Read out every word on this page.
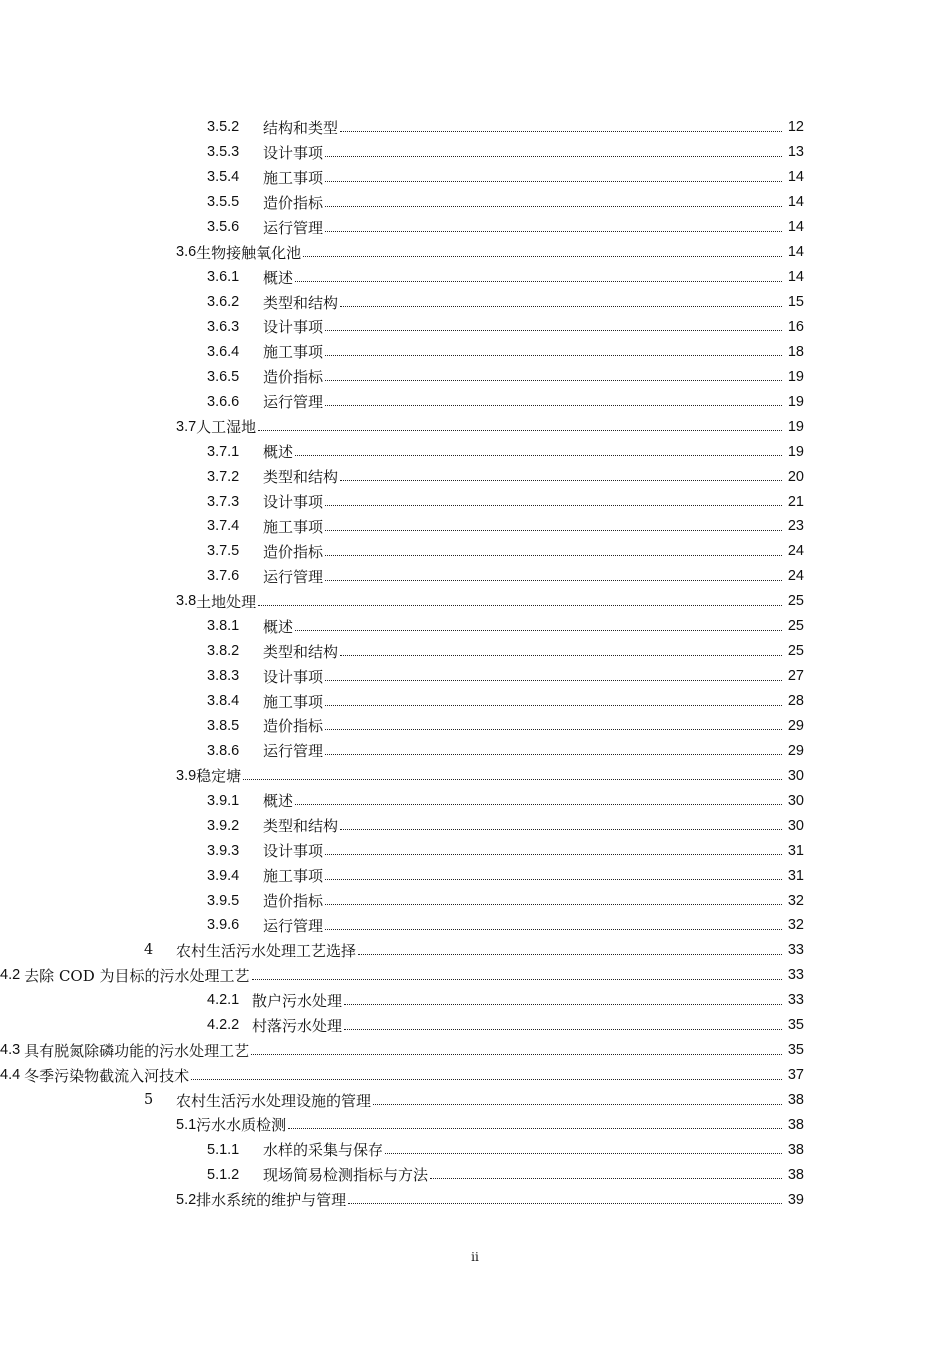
3.5.2	结构和类型	12
3.5.3	设计事项	13
3.5.4	施工事项	14
3.5.5	造价指标	14
3.5.6	运行管理	14
3.6 生物接触氧化池	14
3.6.1	概述	14
3.6.2	类型和结构	15
3.6.3	设计事项	16
3.6.4	施工事项	18
3.6.5	造价指标	19
3.6.6	运行管理	19
3.7 人工湿地	19
3.7.1	概述	19
3.7.2	类型和结构	20
3.7.3	设计事项	21
3.7.4	施工事项	23
3.7.5	造价指标	24
3.7.6	运行管理	24
3.8 土地处理	25
3.8.1	概述	25
3.8.2	类型和结构	25
3.8.3	设计事项	27
3.8.4	施工事项	28
3.8.5	造价指标	29
3.8.6	运行管理	29
3.9 稳定塘	30
3.9.1	概述	30
3.9.2	类型和结构	30
3.9.3	设计事项	31
3.9.4	施工事项	31
3.9.5	造价指标	32
3.9.6	运行管理	32
4	农村生活污水处理工艺选择	33
4.2 去除 COD 为目标的污水处理工艺	33
4.2.1 散户污水处理	33
4.2.2 村落污水处理	35
4.3 具有脱氮除磷功能的污水处理工艺	35
4.4 冬季污染物截流入河技术	37
5	农村生活污水处理设施的管理	38
5.1 污水水质检测	38
5.1.1	水样的采集与保存	38
5.1.2	现场简易检测指标与方法	38
5.2 排水系统的维护与管理	39
ii
